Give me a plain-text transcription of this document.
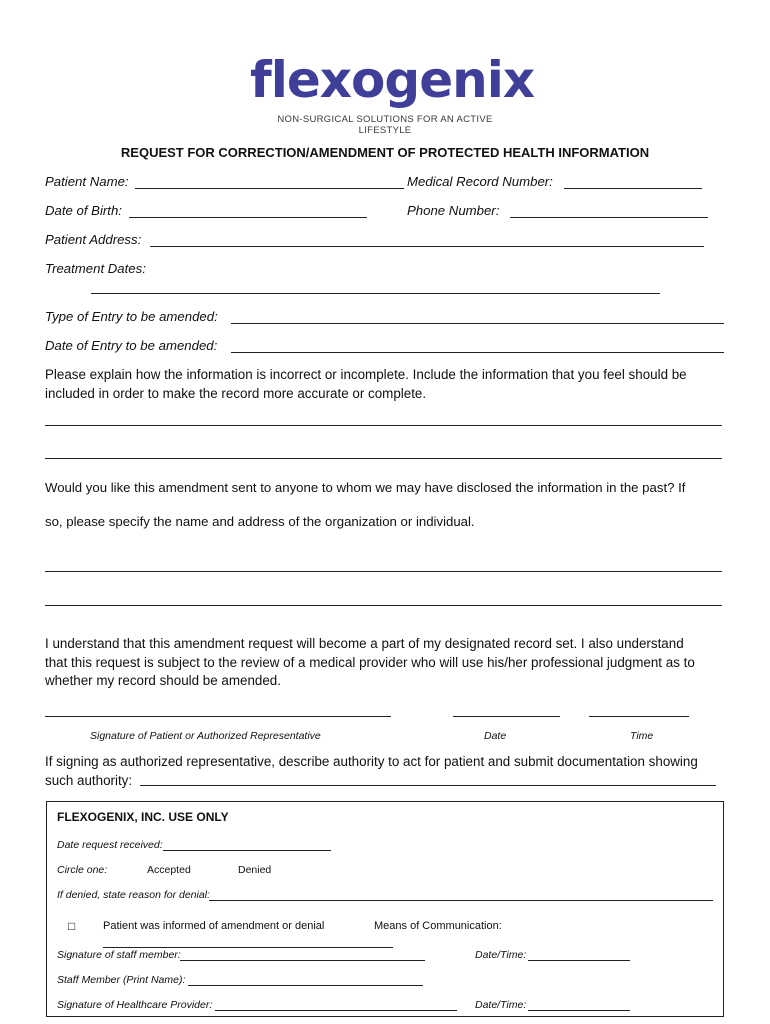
flexogenix
NON-SURGICAL SOLUTIONS FOR AN ACTIVE LIFESTYLE
REQUEST FOR CORRECTION/AMENDMENT OF PROTECTED HEALTH INFORMATION
Patient Name:	Medical Record Number:
Date of Birth:	Phone Number:
Patient Address:
Treatment Dates:
Type of Entry to be amended:
Date of Entry to be amended:
Please explain how the information is incorrect or incomplete. Include the information that you feel should be
included in order to make the record more accurate or complete.
Would you like this amendment sent to anyone to whom we may have disclosed the information in the past? If
so, please specify the name and address of the organization or individual.
I understand that this amendment request will become a part of my designated record set. I also understand
that this request is subject to the review of a medical provider who will use his/her professional judgment as to
whether my record should be amended.
Signature of Patient or Authorized Representative	Date	Time
If signing as authorized representative, describe authority to act for patient and submit documentation showing
such authority:
FLEXOGENIX, INC. USE ONLY
Date request received:
Circle one:	Accepted	Denied
If denied, state reason for denial:
□	Patient was informed of amendment or denial	Means of Communication:
Signature of staff member:	Date/Time:
Staff Member (Print Name):
Signature of Healthcare Provider:	Date/Time:
